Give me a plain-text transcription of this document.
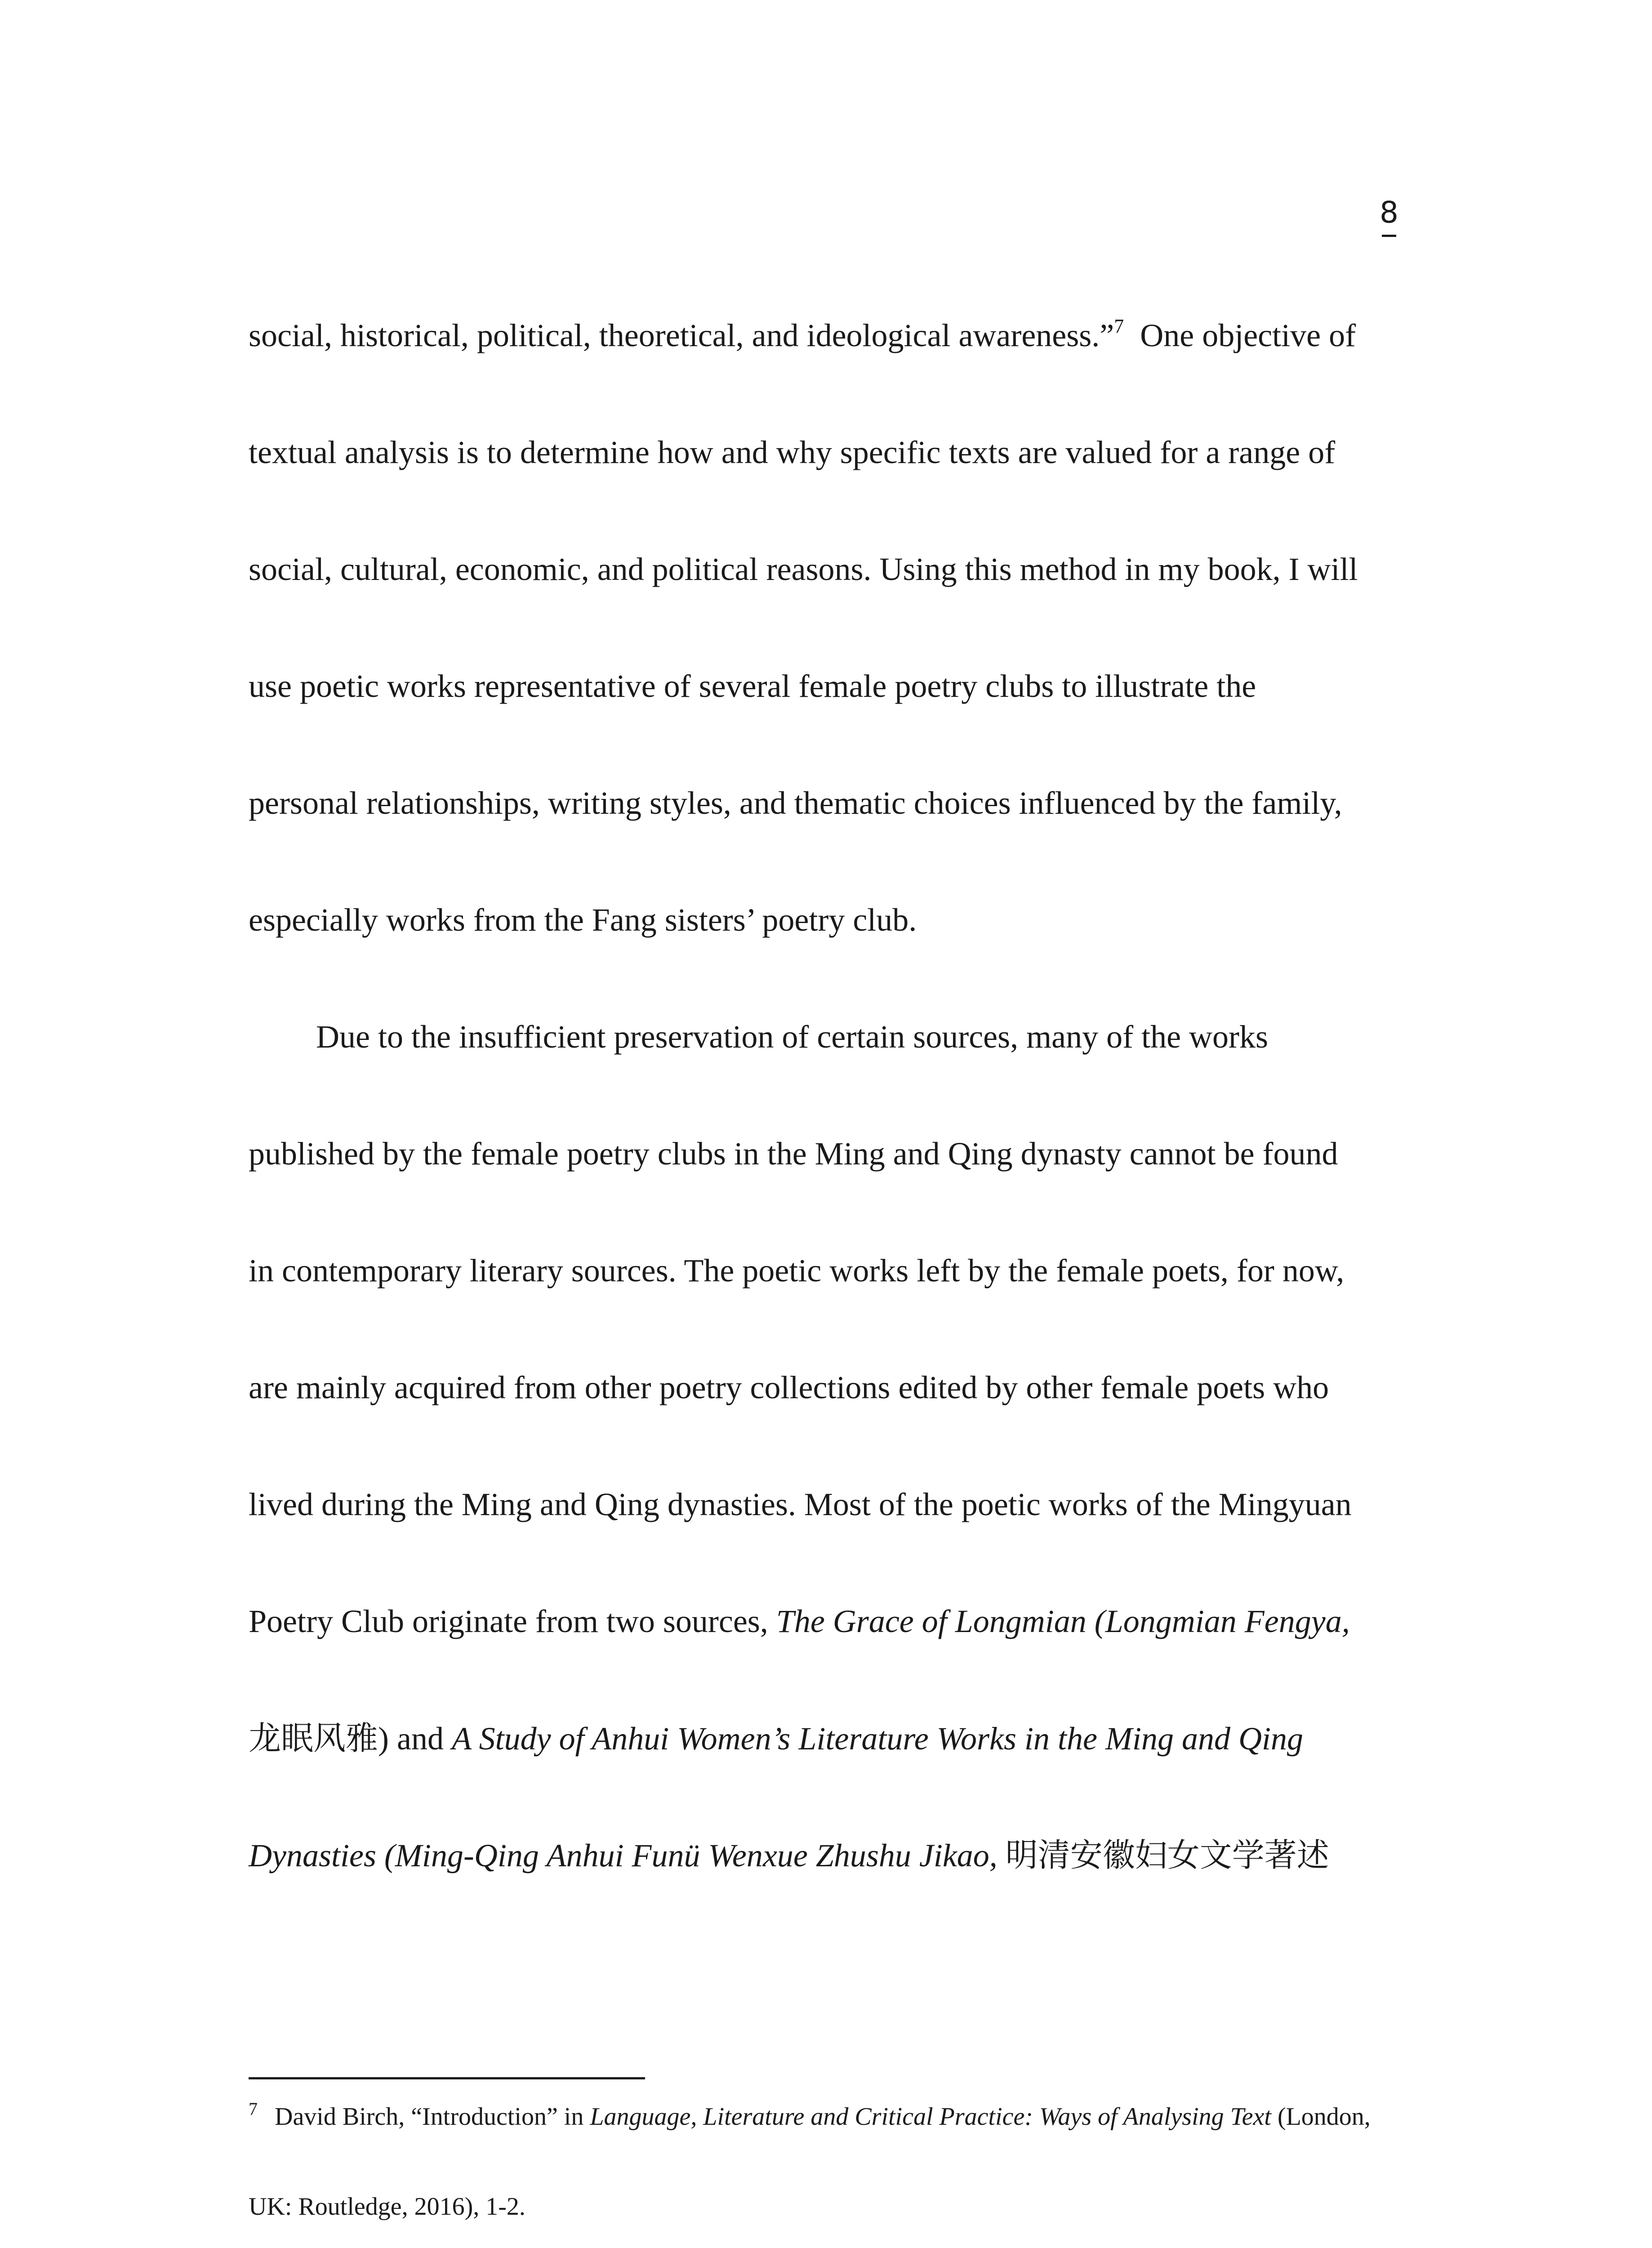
8
social, historical, political, theoretical, and ideological awareness.”$^7$  One objective of
textual analysis is to determine how and why specific texts are valued for a range of
social, cultural, economic, and political reasons. Using this method in my book, I will
use poetic works representative of several female poetry clubs to illustrate the
personal relationships, writing styles, and thematic choices influenced by the family,
especially works from the Fang sisters’ poetry club.
Due to the insufficient preservation of certain sources, many of the works
published by the female poetry clubs in the Ming and Qing dynasty cannot be found
in contemporary literary sources. The poetic works left by the female poets, for now,
are mainly acquired from other poetry collections edited by other female poets who
lived during the Ming and Qing dynasties. Most of the poetic works of the Mingyuan
Poetry Club originate from two sources, The Grace of Longmian (Longmian Fengya,
龙眠风雅) and A Study of Anhui Women’s Literature Works in the Ming and Qing
Dynasties (Ming-Qing Anhui Funü Wenxue Zhushu Jikao, 明清安徽妇女文学著述
$^7$ David Birch, “Introduction” in Language, Literature and Critical Practice: Ways of Analysing Text (London,
UK: Routledge, 2016), 1-2.
